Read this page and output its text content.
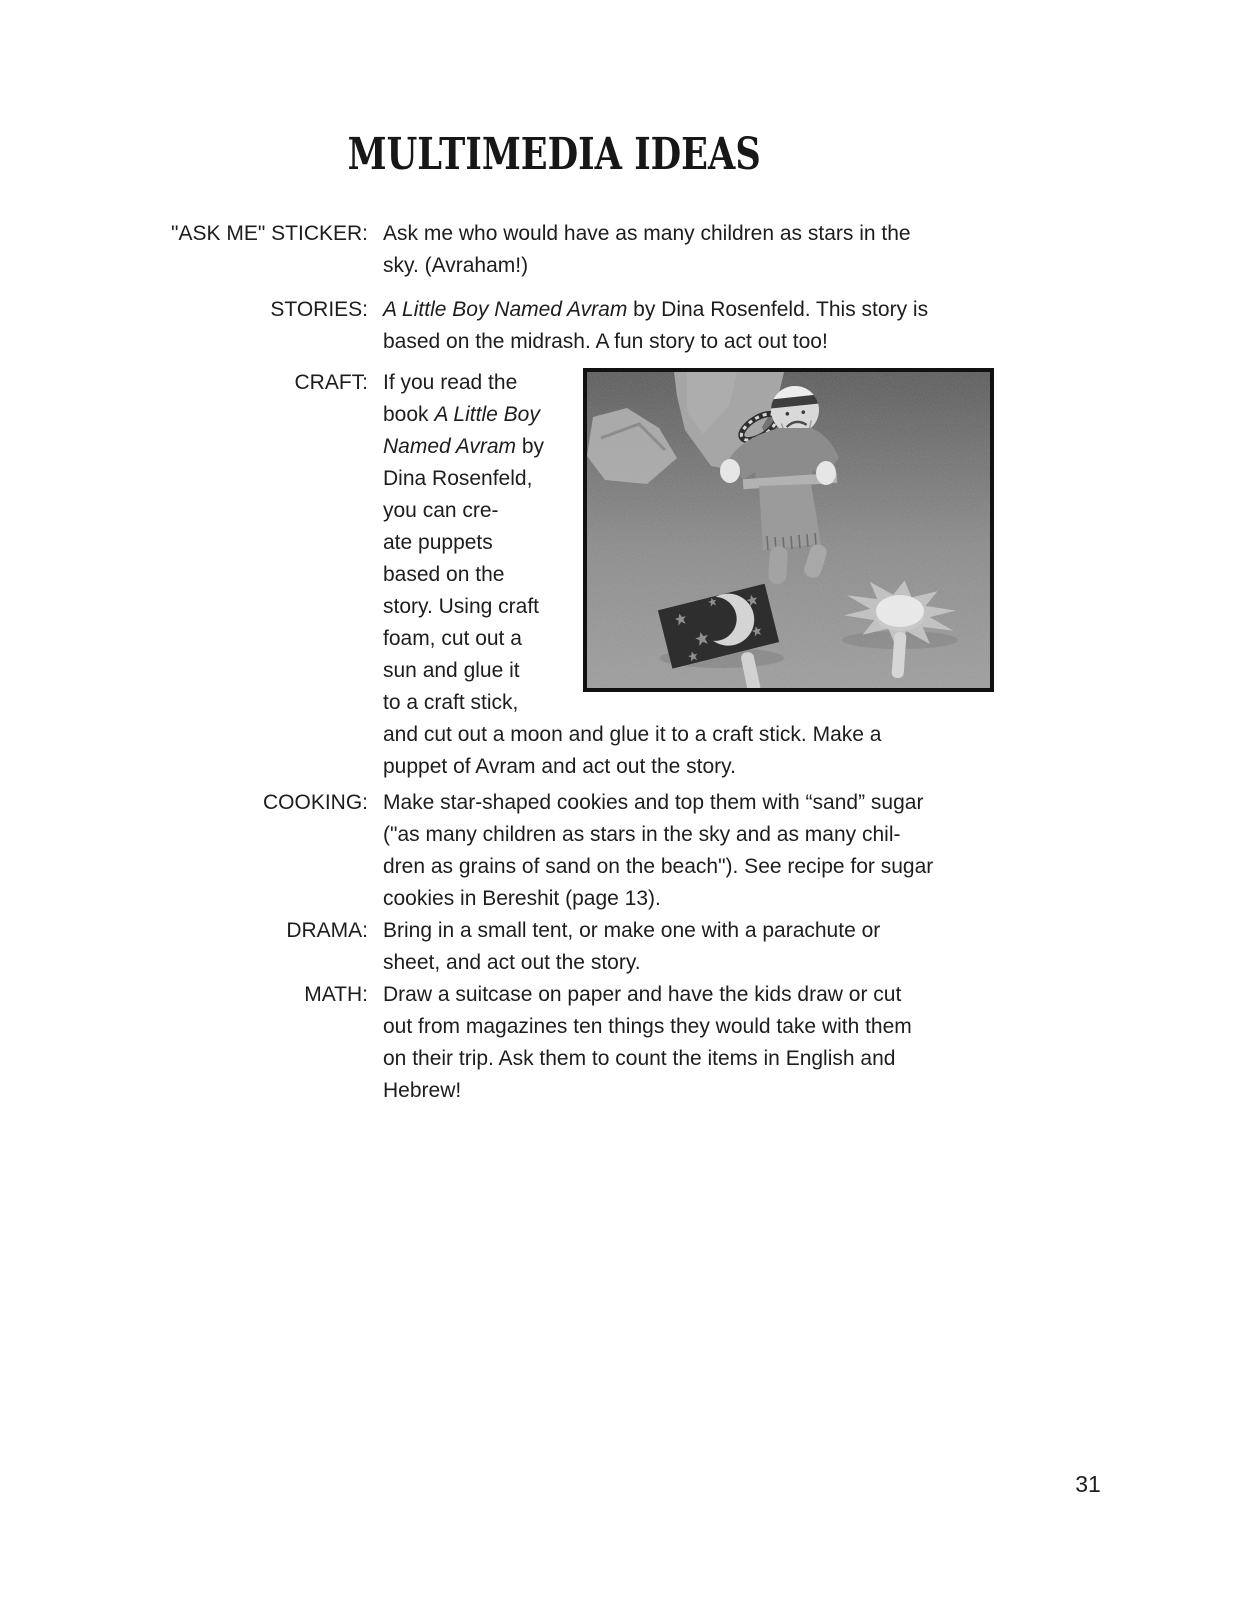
MULTIMEDIA IDEAS
"ASK ME" STICKER: Ask me who would have as many children as stars in the
sky. (Avraham!)
STORIES: A Little Boy Named Avram by Dina Rosenfeld. This story is
based on the midrash. A fun story to act out too!
CRAFT: If you read the
book A Little Boy
Named Avram by
Dina Rosenfeld,
you can cre-
ate puppets
based on the
story. Using craft
foam, cut out a
sun and glue it
to a craft stick,
and cut out a moon and glue it to a craft stick. Make a
puppet of Avram and act out the story.
COOKING: Make star-shaped cookies and top them with “sand” sugar
("as many children as stars in the sky and as many chil-
dren as grains of sand on the beach"). See recipe for sugar
cookies in Bereshit (page 13).
DRAMA: Bring in a small tent, or make one with a parachute or
sheet, and act out the story.
MATH: Draw a suitcase on paper and have the kids draw or cut
out from magazines ten things they would take with them
on their trip. Ask them to count the items in English and
Hebrew!
31
